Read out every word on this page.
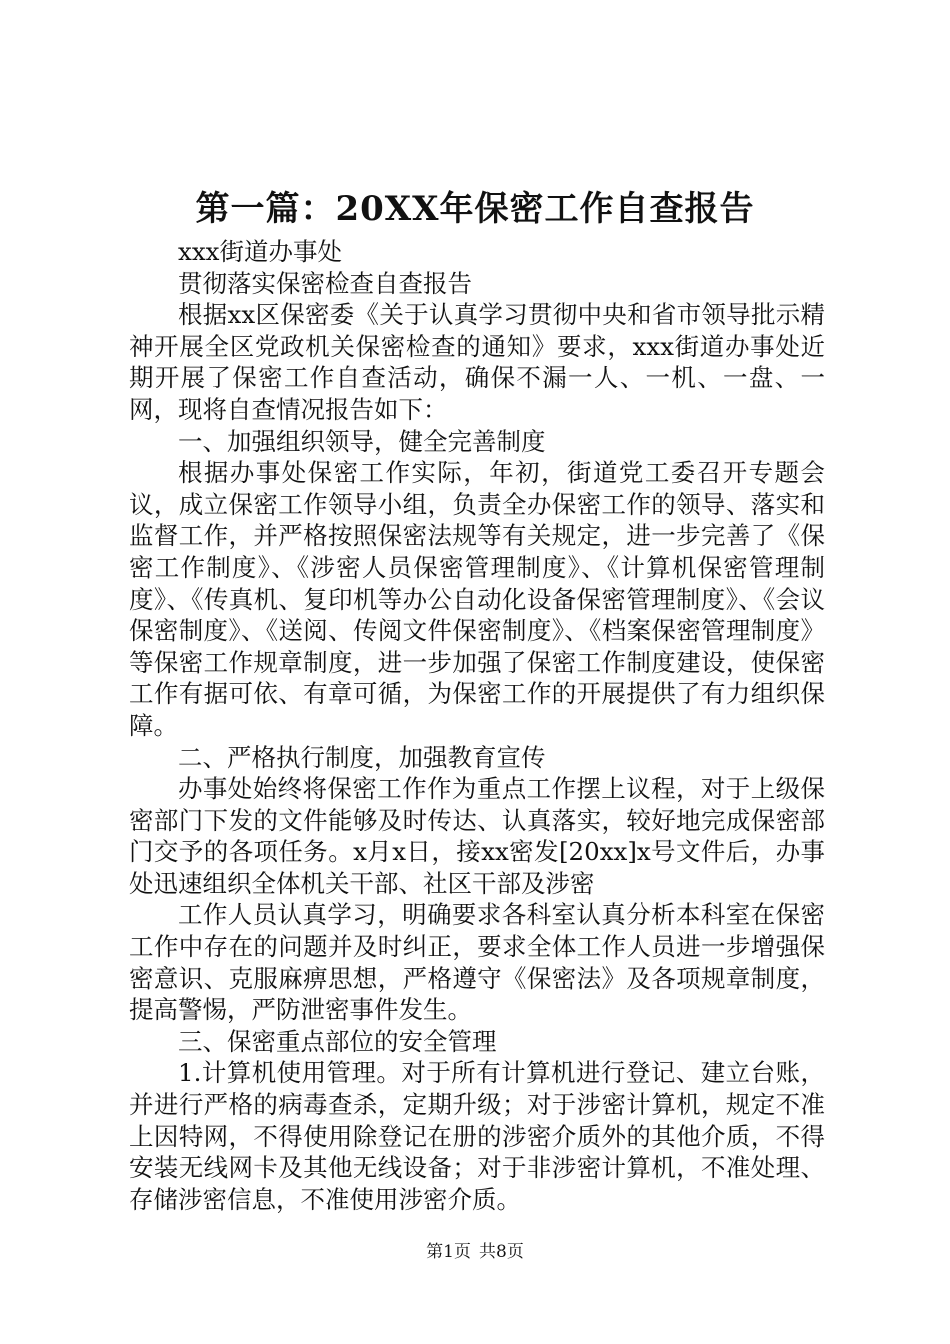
第一篇：20XX年保密工作自查报告

xxx街道办事处

贯彻落实保密检查自查报告

根据xx区保密委《关于认真学习贯彻中央和省市领导批示精神开展全区党政机关保密检查的通知》要求，xxx街道办事处近期开展了保密工作自查活动，确保不漏一人、一机、一盘、一网，现将自查情况报告如下：

一、加强组织领导，健全完善制度

根据办事处保密工作实际，年初，街道党工委召开专题会议，成立保密工作领导小组，负责全办保密工作的领导、落实和监督工作，并严格按照保密法规等有关规定，进一步完善了《保密工作制度》、《涉密人员保密管理制度》、《计算机保密管理制度》、《传真机、复印机等办公自动化设备保密管理制度》、《会议保密制度》、《送阅、传阅文件保密制度》、《档案保密管理制度》等保密工作规章制度，进一步加强了保密工作制度建设，使保密工作有据可依、有章可循，为保密工作的开展提供了有力组织保障。

二、严格执行制度，加强教育宣传

办事处始终将保密工作作为重点工作摆上议程，对于上级保密部门下发的文件能够及时传达、认真落实，较好地完成保密部门交予的各项任务。x月x日，接xx密发[20xx]x号文件后，办事处迅速组织全体机关干部、社区干部及涉密

工作人员认真学习，明确要求各科室认真分析本科室在保密工作中存在的问题并及时纠正，要求全体工作人员进一步增强保密意识、克服麻痹思想，严格遵守《保密法》及各项规章制度，提高警惕，严防泄密事件发生。

三、保密重点部位的安全管理

1.计算机使用管理。对于所有计算机进行登记、建立台账，并进行严格的病毒查杀，定期升级；对于涉密计算机，规定不准上因特网，不得使用除登记在册的涉密介质外的其他介质，不得安装无线网卡及其他无线设备；对于非涉密计算机，不准处理、存储涉密信息，不准使用涉密介质。

第1页 共8页
